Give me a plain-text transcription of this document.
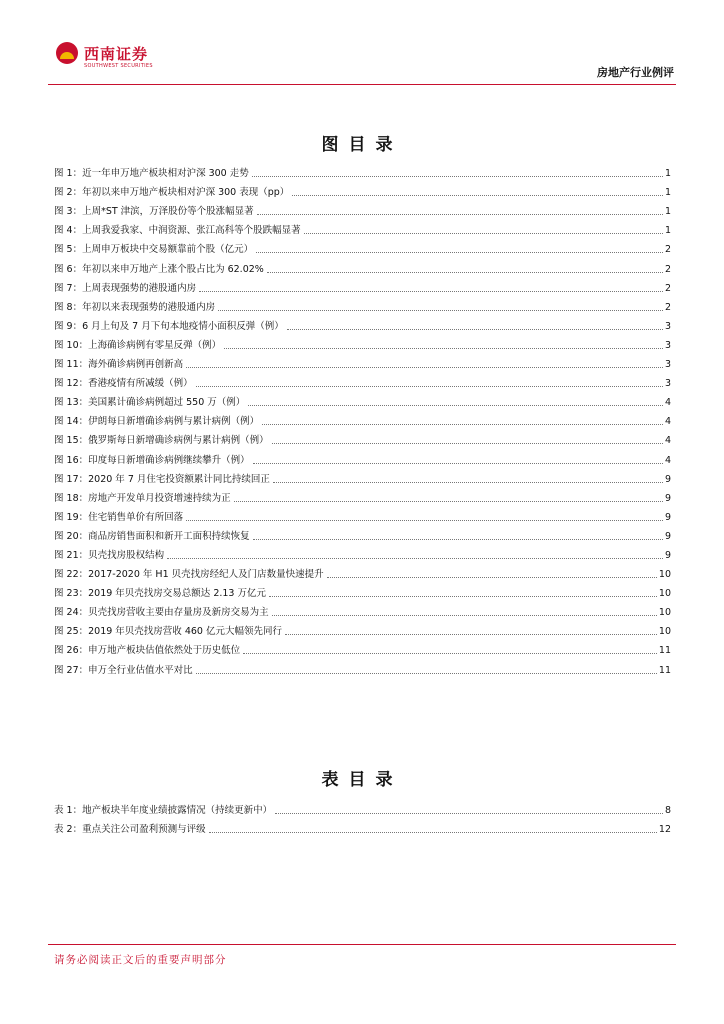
西南证券
SOUTHWEST SECURITIES	房地产行业例评
图目录
图 1：近一年申万地产板块相对沪深 300 走势	1
图 2：年初以来申万地产板块相对沪深 300 表现（pp）	1
图 3：上周*ST 津滨，万泽股份等个股涨幅显著	1
图 4：上周我爱我家、中润资源、张江高科等个股跌幅显著	1
图 5：上周申万板块中交易额靠前个股（亿元）	2
图 6：年初以来申万地产上涨个股占比为 62.02%	2
图 7：上周表现强势的港股通内房	2
图 8：年初以来表现强势的港股通内房	2
图 9：6 月上旬及 7 月下旬本地疫情小面积反弹（例）	3
图 10：上海确诊病例有零星反弹（例）	3
图 11：海外确诊病例再创新高	3
图 12：香港疫情有所减缓（例）	3
图 13：美国累计确诊病例超过 550 万（例）	4
图 14：伊朗每日新增确诊病例与累计病例（例）	4
图 15：俄罗斯每日新增确诊病例与累计病例（例）	4
图 16：印度每日新增确诊病例继续攀升（例）	4
图 17：2020 年 7 月住宅投资额累计同比持续回正	9
图 18：房地产开发单月投资增速持续为正	9
图 19：住宅销售单价有所回落	9
图 20：商品房销售面积和新开工面积持续恢复	9
图 21：贝壳找房股权结构	9
图 22：2017-2020 年 H1 贝壳找房经纪人及门店数量快速提升	10
图 23：2019 年贝壳找房交易总额达 2.13 万亿元	10
图 24：贝壳找房营收主要由存量房及新房交易为主	10
图 25：2019 年贝壳找房营收 460 亿元大幅领先同行	10
图 26：申万地产板块估值依然处于历史低位	11
图 27：申万全行业估值水平对比	11
表目录
表 1：地产板块半年度业绩披露情况（持续更新中）	8
表 2：重点关注公司盈利预测与评级	12
请务必阅读正文后的重要声明部分
